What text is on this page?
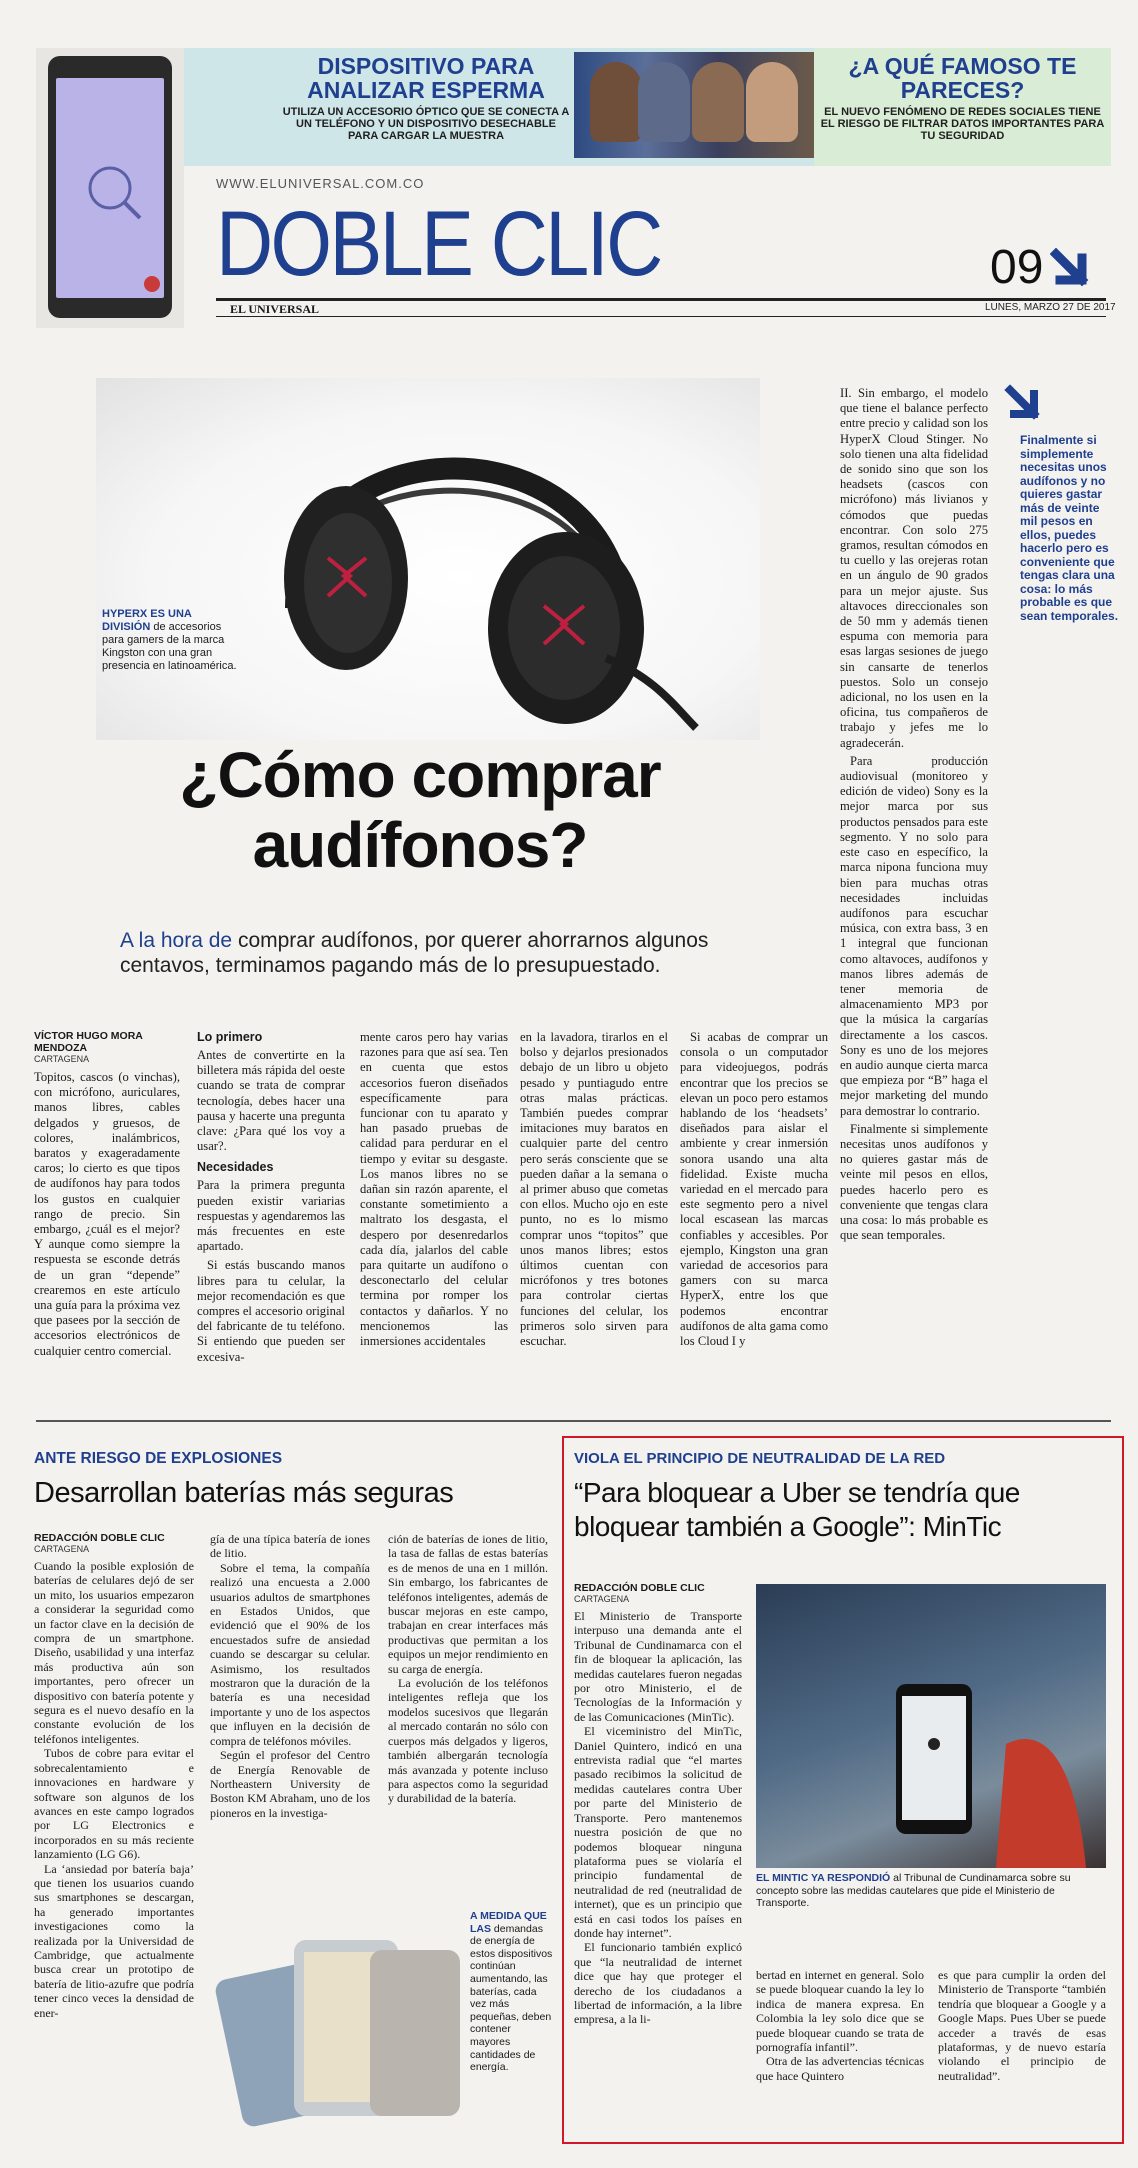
DISPOSITIVO PARA ANALIZAR ESPERMA
UTILIZA UN ACCESORIO ÓPTICO QUE SE CONECTA A UN TELÉFONO Y UN DISPOSITIVO DESECHABLE PARA CARGAR LA MUESTRA
¿A QUÉ FAMOSO TE PARECES?
EL NUEVO FENÓMENO DE REDES SOCIALES TIENE EL RIESGO DE FILTRAR DATOS IMPORTANTES PARA TU SEGURIDAD
WWW.ELUNIVERSAL.COM.CO
DOBLE CLIC	09
EL UNIVERSAL	LUNES, MARZO 27 DE 2017
HYPERX ES UNA DIVISIÓN de accesorios para gamers de la marca Kingston con una gran presencia en latinoamérica.
¿Cómo comprar audífonos?
A la hora de comprar audífonos, por querer ahorrarnos algunos centavos, terminamos pagando más de lo presupuestado.
Finalmente si simplemente necesitas unos audífonos y no quieres gastar más de veinte mil pesos en ellos, puedes hacerlo pero es conveniente que tengas clara una cosa: lo más probable es que sean temporales.
VÍCTOR HUGO MORA MENDOZA
CARTAGENA
Topitos, cascos (o vinchas), con micrófono, auriculares, manos libres, cables delgados y gruesos, de colores, inalámbricos, baratos y exageradamente caros; lo cierto es que tipos de audífonos hay para todos los gustos en cualquier rango de precio. Sin embargo, ¿cuál es el mejor? Y aunque como siempre la respuesta se esconde detrás de un gran “depende” crearemos en este artículo una guía para la próxima vez que pasees por la sección de accesorios electrónicos de cualquier centro comercial.
Lo primero
Antes de convertirte en la billetera más rápida del oeste cuando se trata de comprar tecnología, debes hacer una pausa y hacerte una pregunta clave: ¿Para qué los voy a usar?.
Necesidades
Para la primera pregunta pueden existir variarias respuestas y agendaremos las más frecuentes en este apartado.
Si estás buscando manos libres para tu celular, la mejor recomendación es que compres el accesorio original del fabricante de tu teléfono. Si entiendo que pueden ser excesiva-
mente caros pero hay varias razones para que así sea. Ten en cuenta que estos accesorios fueron diseñados específicamente para funcionar con tu aparato y han pasado pruebas de calidad para perdurar en el tiempo y evitar su desgaste. Los manos libres no se dañan sin razón aparente, el constante sometimiento a maltrato los desgasta, el despero por desenredarlos cada día, jalarlos del cable para quitarte un audífono o desconectarlo del celular termina por romper los contactos y dañarlos. Y no mencionemos las inmersiones accidentales
en la lavadora, tirarlos en el bolso y dejarlos presionados debajo de un libro u objeto pesado y puntiagudo entre otras malas prácticas. También puedes comprar imitaciones muy baratos en cualquier parte del centro pero serás consciente que se pueden dañar a la semana o al primer abuso que cometas con ellos. Mucho ojo en este punto, no es lo mismo comprar unos “topitos” que unos manos libres; estos últimos cuentan con micrófonos y tres botones para controlar ciertas funciones del celular, los primeros solo sirven para escuchar.
Si acabas de comprar un consola o un computador para videojuegos, podrás encontrar que los precios se elevan un poco pero estamos hablando de los ‘headsets’ diseñados para aislar el ambiente y crear inmersión sonora usando una alta fidelidad. Existe mucha variedad en el mercado para este segmento pero a nivel local escasean las marcas confiables y accesibles. Por ejemplo, Kingston una gran variedad de accesorios para gamers con su marca HyperX, entre los que podemos encontrar audífonos de alta gama como los Cloud I y
II. Sin embargo, el modelo que tiene el balance perfecto entre precio y calidad son los HyperX Cloud Stinger. No solo tienen una alta fidelidad de sonido sino que son los headsets (cascos con micrófono) más livianos y cómodos que puedas encontrar. Con solo 275 gramos, resultan cómodos en tu cuello y las orejeras rotan en un ángulo de 90 grados para un mejor ajuste. Sus altavoces direccionales son de 50 mm y además tienen espuma con memoria para esas largas sesiones de juego sin cansarte de tenerlos puestos. Solo un consejo adicional, no los usen en la oficina, tus compañeros de trabajo y jefes me lo agradecerán.
Para producción audiovisual (monitoreo y edición de video) Sony es la mejor marca por sus productos pensados para este segmento. Y no solo para este caso en específico, la marca nipona funciona muy bien para muchas otras necesidades incluidas audífonos para escuchar música, con extra bass, 3 en 1 integral que funcionan como altavoces, audífonos y manos libres además de tener memoria de almacenamiento MP3 por que la música la cargarías directamente a los cascos. Sony es uno de los mejores en audio aunque cierta marca que empieza por “B” haga el mejor marketing del mundo para demostrar lo contrario.
Finalmente si simplemente necesitas unos audífonos y no quieres gastar más de veinte mil pesos en ellos, puedes hacerlo pero es conveniente que tengas clara una cosa: lo más probable es que sean temporales.
ANTE RIESGO DE EXPLOSIONES
Desarrollan baterías más seguras
REDACCIÓN DOBLE CLIC
CARTAGENA
Cuando la posible explosión de baterías de celulares dejó de ser un mito, los usuarios empezaron a considerar la seguridad como un factor clave en la decisión de compra de un smartphone. Diseño, usabilidad y una interfaz más productiva aún son importantes, pero ofrecer un dispositivo con batería potente y segura es el nuevo desafío en la constante evolución de los teléfonos inteligentes.
Tubos de cobre para evitar el sobrecalentamiento e innovaciones en hardware y software son algunos de los avances en este campo logrados por LG Electronics e incorporados en su más reciente lanzamiento (LG G6).
La ‘ansiedad por batería baja’ que tienen los usuarios cuando sus smartphones se descargan, ha generado importantes investigaciones como la realizada por la Universidad de Cambridge, que actualmente busca crear un prototipo de batería de litio-azufre que podría tener cinco veces la densidad de ener-
gía de una típica batería de iones de litio.
Sobre el tema, la compañía realizó una encuesta a 2.000 usuarios adultos de smartphones en Estados Unidos, que evidenció que el 90% de los encuestados sufre de ansiedad cuando se descargar su celular. Asimismo, los resultados mostraron que la duración de la batería es una necesidad importante y uno de los aspectos que influyen en la decisión de compra de teléfonos móviles.
Según el profesor del Centro de Energía Renovable de Northeastern University de Boston KM Abraham, uno de los pioneros en la investiga-
ción de baterías de iones de litio, la tasa de fallas de estas baterías es de menos de una en 1 millón. Sin embargo, los fabricantes de teléfonos inteligentes, además de buscar mejoras en este campo, trabajan en crear interfaces más productivas que permitan a los equipos un mejor rendimiento en su carga de energía.
La evolución de los teléfonos inteligentes refleja que los modelos sucesivos que llegarán al mercado contarán no sólo con cuerpos más delgados y ligeros, también albergarán tecnología más avanzada y potente incluso para aspectos como la seguridad y durabilidad de la batería.
A MEDIDA QUE LAS demandas de energía de estos dispositivos continúan aumentando, las baterías, cada vez más pequeñas, deben contener mayores cantidades de energía.
VIOLA EL PRINCIPIO DE NEUTRALIDAD DE LA RED
“Para bloquear a Uber se tendría que bloquear también a Google”: MinTic
REDACCIÓN DOBLE CLIC
CARTAGENA
El Ministerio de Transporte interpuso una demanda ante el Tribunal de Cundinamarca con el fin de bloquear la aplicación, las medidas cautelares fueron negadas por otro Ministerio, el de Tecnologías de la Información y de las Comunicaciones (MinTic).
El viceministro del MinTic, Daniel Quintero, indicó en una entrevista radial que “el martes pasado recibimos la solicitud de medidas cautelares contra Uber por parte del Ministerio de Transporte. Pero mantenemos nuestra posición de que no podemos bloquear ninguna plataforma pues se violaría el principio fundamental de neutralidad de red (neutralidad de internet), que es un principio que está en casi todos los países en donde hay internet”.
El funcionario también explicó que “la neutralidad de internet dice que hay que proteger el derecho de los ciudadanos a libertad de información, a la libre empresa, a la li-
EL MINTIC YA RESPONDIÓ al Tribunal de Cundinamarca sobre su concepto sobre las medidas cautelares que pide el Ministerio de Transporte.
bertad en internet en general. Solo se puede bloquear cuando la ley lo indica de manera expresa. En Colombia la ley solo dice que se puede bloquear cuando se trata de pornografía infantil”.
Otra de las advertencias técnicas que hace Quintero
es que para cumplir la orden del Ministerio de Transporte “también tendría que bloquear a Google y a Google Maps. Pues Uber se puede acceder a través de esas plataformas, y de nuevo estaría violando el principio de neutralidad”.
